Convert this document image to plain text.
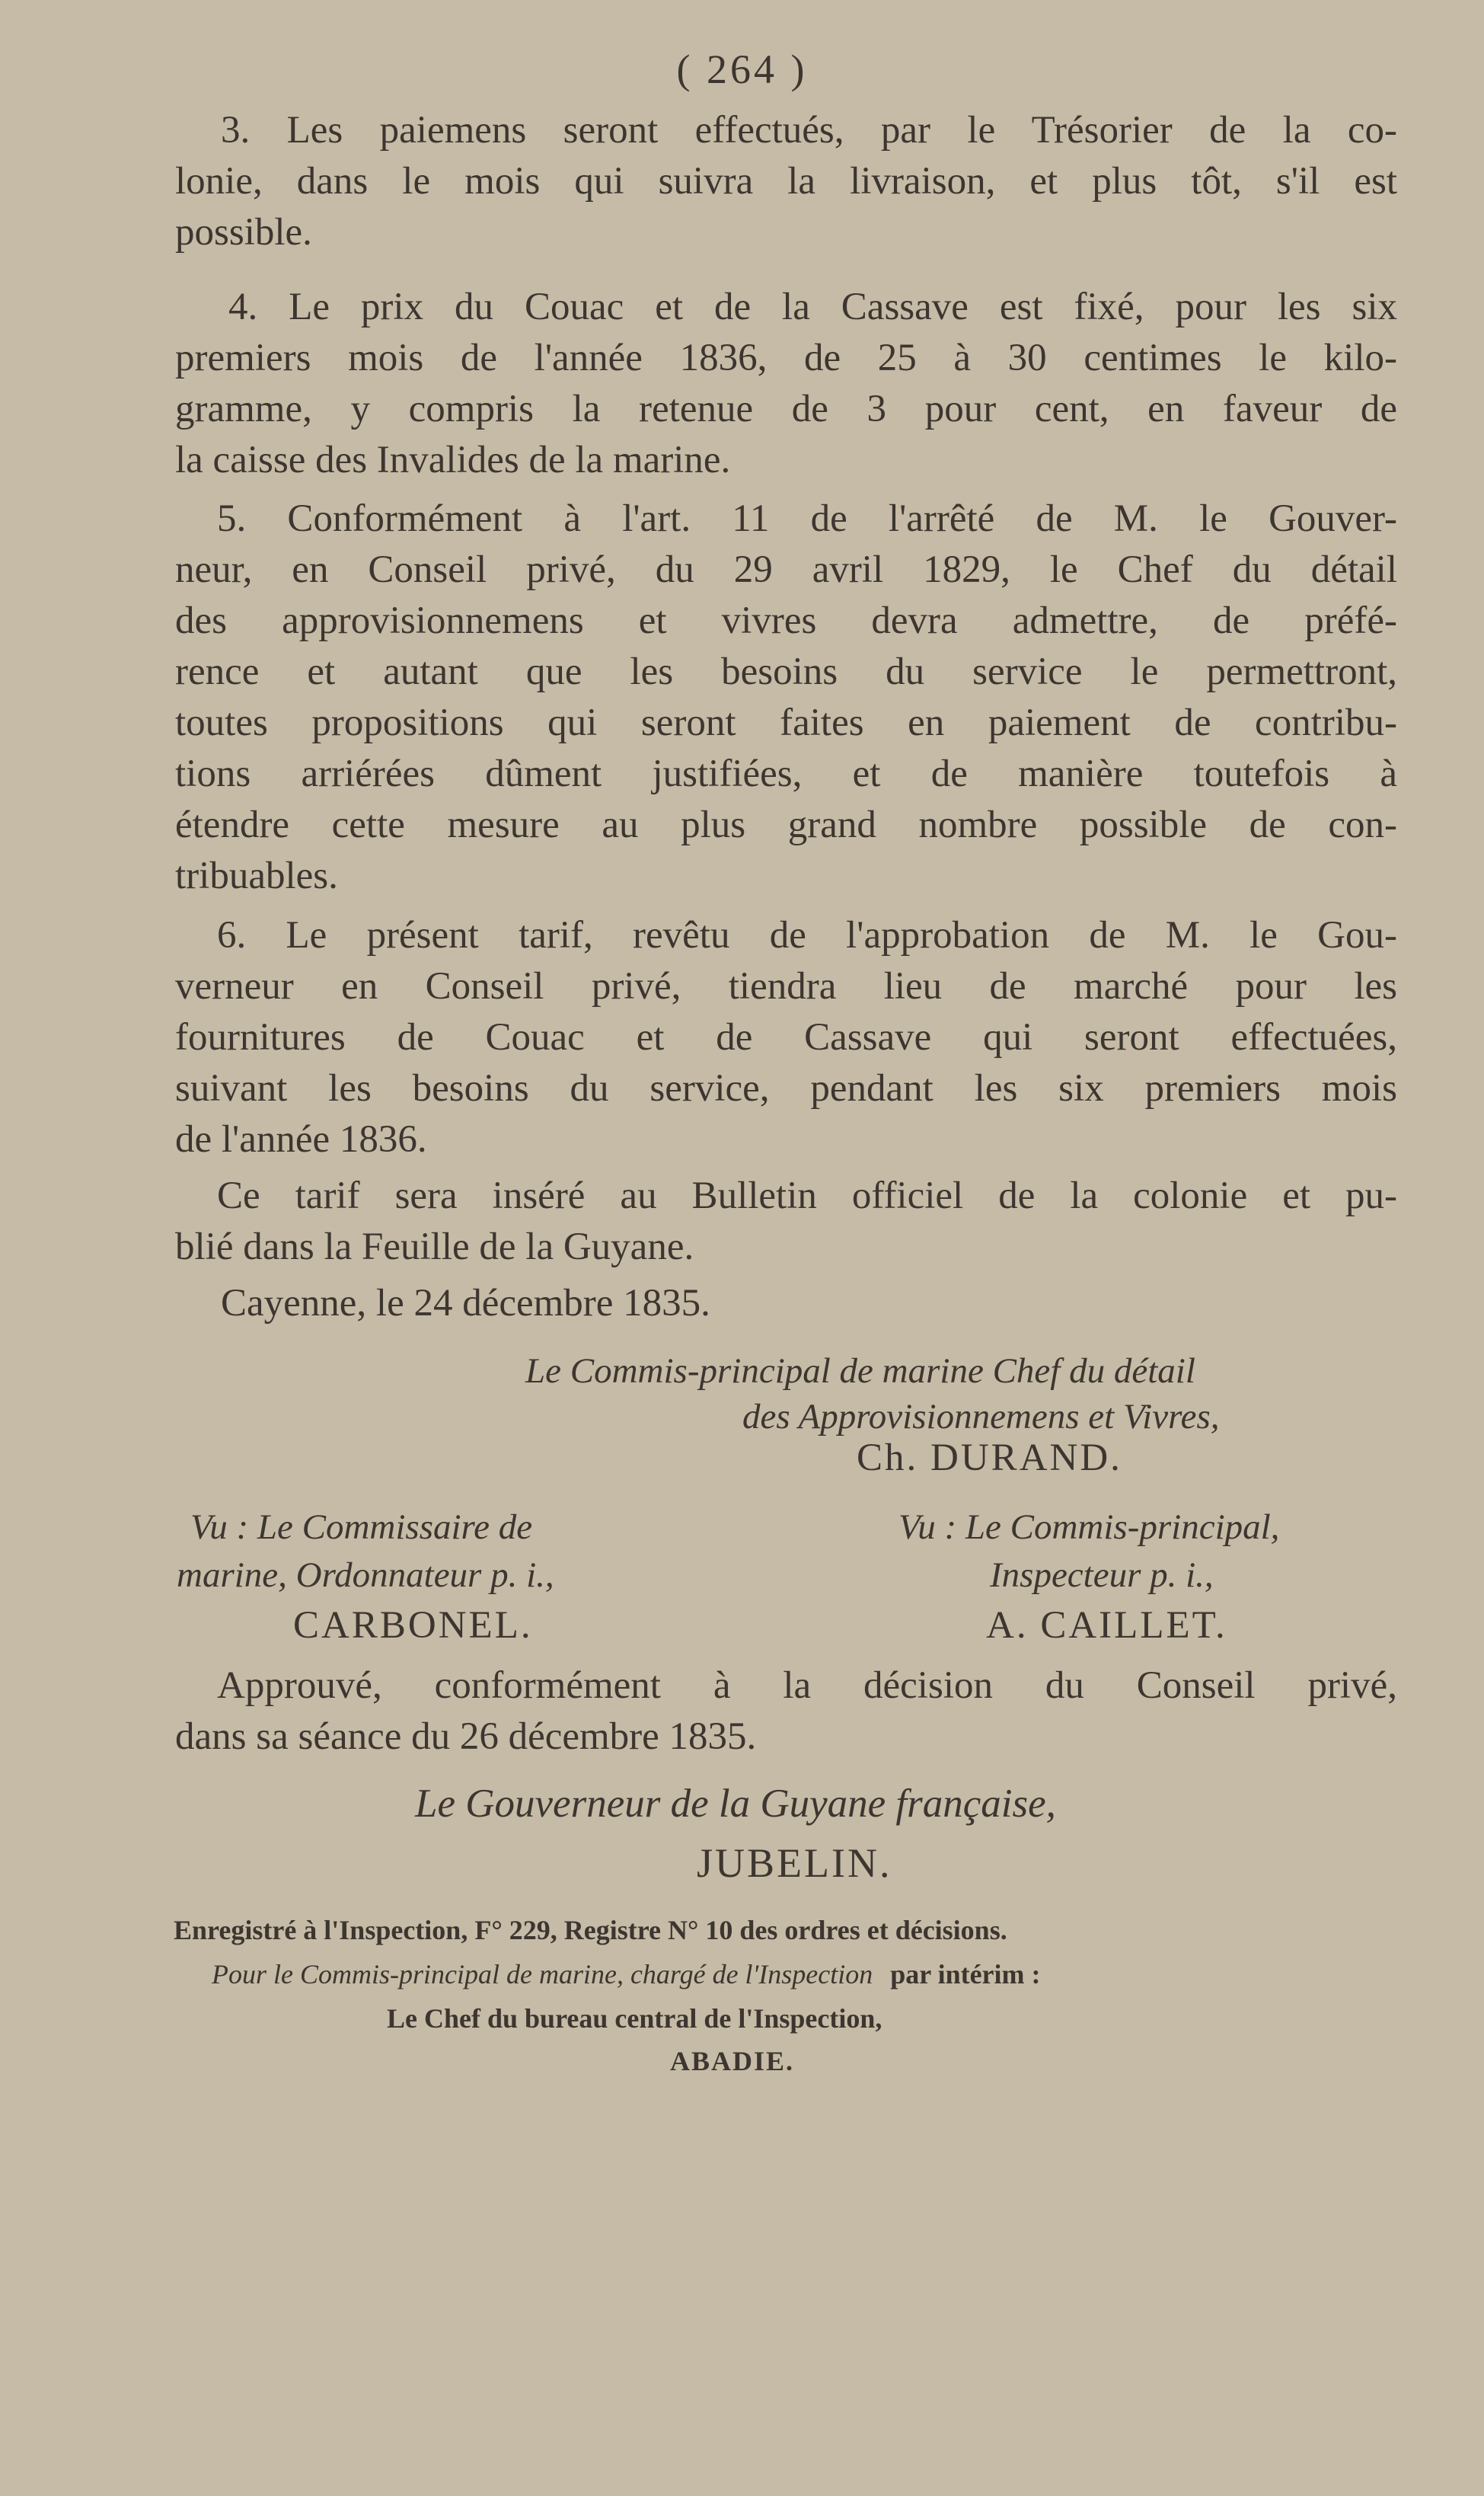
( 264 )
3. Les paiemens seront effectués, par le Trésorier de la co-
lonie, dans le mois qui suivra la livraison, et plus tôt, s'il est
possible.
4. Le prix du Couac et de la Cassave est fixé, pour les six
premiers mois de l'année 1836, de 25 à 30 centimes le kilo-
gramme, y compris la retenue de 3 pour cent, en faveur de
la caisse des Invalides de la marine.
5. Conformément à l'art. 11 de l'arrêté de M. le Gouver-
neur, en Conseil privé, du 29 avril 1829, le Chef du détail
des approvisionnemens et vivres devra admettre, de préfé-
rence et autant que les besoins du service le permettront,
toutes propositions qui seront faites en paiement de contribu-
tions arriérées dûment justifiées, et de manière toutefois à
étendre cette mesure au plus grand nombre possible de con-
tribuables.
6. Le présent tarif, revêtu de l'approbation de M. le Gou-
verneur en Conseil privé, tiendra lieu de marché pour les
fournitures de Couac et de Cassave qui seront effectuées,
suivant les besoins du service, pendant les six premiers mois
de l'année 1836.
Ce tarif sera inséré au Bulletin officiel de la colonie et pu-
blié dans la Feuille de la Guyane.
Cayenne, le 24 décembre 1835.
Le Commis-principal de marine Chef du détail
des Approvisionnemens et Vivres,
Ch. DURAND.
Vu : Le Commissaire de
marine, Ordonnateur p. i.,
CARBONEL.
Vu : Le Commis-principal,
Inspecteur p. i.,
A. CAILLET.
Approuvé, conformément à la décision du Conseil privé,
dans sa séance du 26 décembre 1835.
Le Gouverneur de la Guyane française,
JUBELIN.
Enregistré à l'Inspection, F° 229, Registre N° 10 des ordres et décisions.
Pour le Commis-principal de marine, chargé de l'Inspection par intérim :
Le Chef du bureau central de l'Inspection,
ABADIE.
